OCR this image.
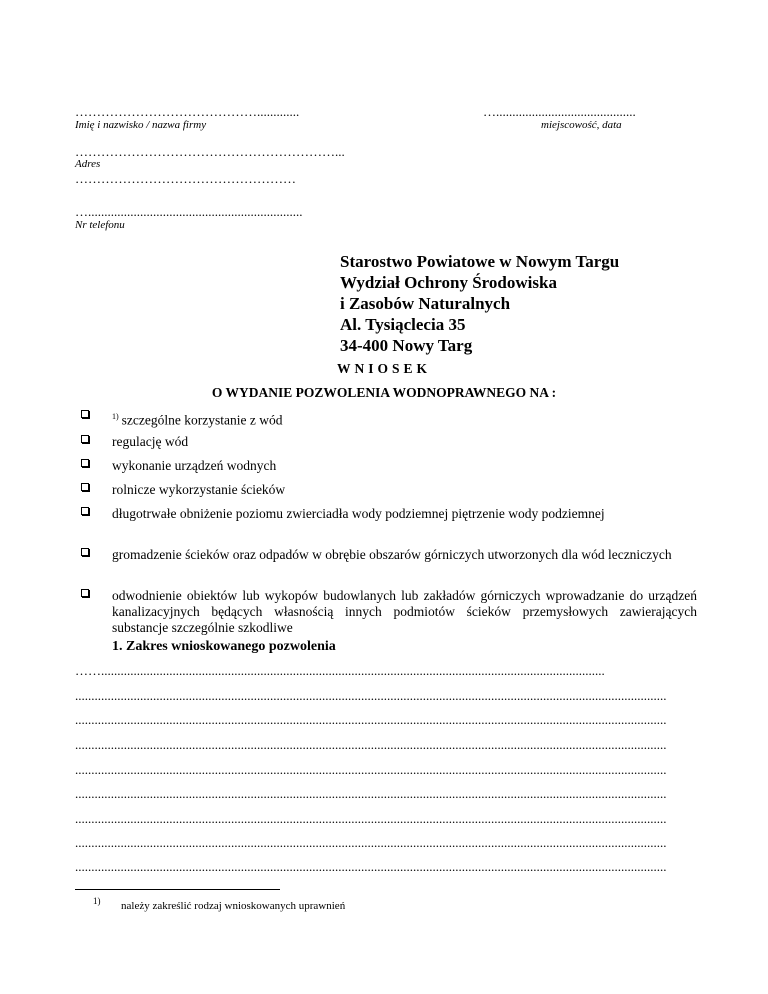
…………………………………….............
Imię i nazwisko / nazwa firmy
…...........................................
miejscowość, data
……………………………………………………...
Adres
……………………………………………
…..................................................................
Nr telefonu
Starostwo Powiatowe w Nowym Targu
Wydział Ochrony Środowiska
i Zasobów Naturalnych
Al. Tysiąclecia 35
34-400 Nowy Targ
WNIOSEK
O WYDANIE POZWOLENIA WODNOPRAWNEGO NA :
$^{1)}$ szczególne korzystanie z wód
regulację wód
wykonanie urządzeń wodnych
rolnicze wykorzystanie ścieków
długotrwałe obniżenie poziomu zwierciadła wody podziemnej piętrzenie wody podziemnej
gromadzenie ścieków oraz odpadów w obrębie obszarów górniczych utworzonych dla wód leczniczych
odwodnienie obiektów lub wykopów budowlanych lub zakładów górniczych wprowadzanie do urządzeń kanalizacyjnych będących własnością innych podmiotów ścieków przemysłowych zawierających substancje szczególnie szkodliwe
1. Zakres wnioskowanego pozwolenia
……...........................................................................................................................................................
......................................................................................................................................................................................
......................................................................................................................................................................................
......................................................................................................................................................................................
......................................................................................................................................................................................
......................................................................................................................................................................................
......................................................................................................................................................................................
......................................................................................................................................................................................
......................................................................................................................................................................................
1) należy zakreślić rodzaj wnioskowanych uprawnień
